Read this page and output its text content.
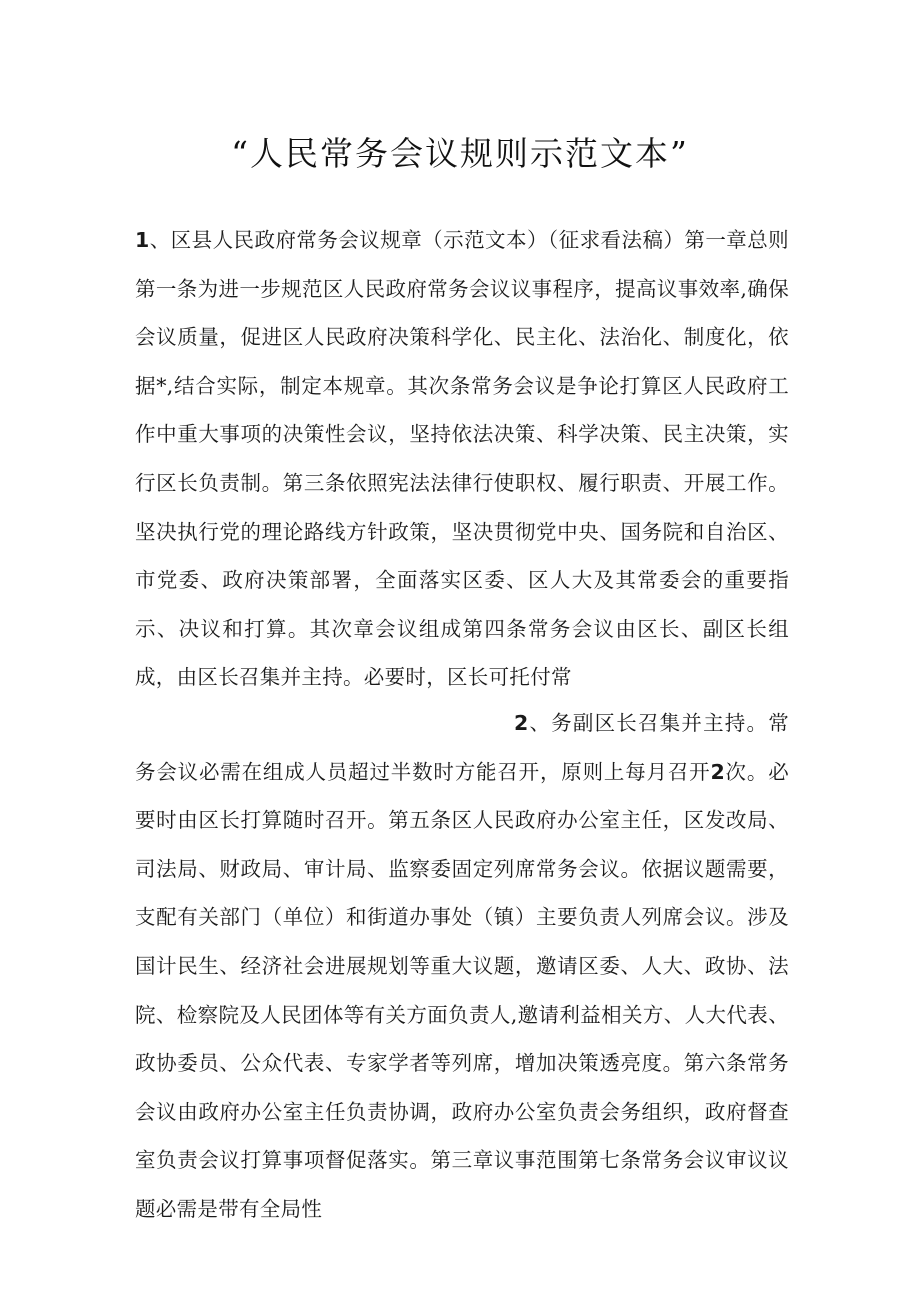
“人民常务会议规则示范文本”
1、区县人民政府常务会议规章（示范文本）（征求看法稿）第一章总则第一条为进一步规范区人民政府常务会议议事程序，提高议事效率,确保会议质量，促进区人民政府决策科学化、民主化、法治化、制度化，依据*,结合实际，制定本规章。其次条常务会议是争论打算区人民政府工作中重大事项的决策性会议，坚持依法决策、科学决策、民主决策，实行区长负责制。第三条依照宪法法律行使职权、履行职责、开展工作。坚决执行党的理论路线方针政策，坚决贯彻党中央、国务院和自治区、市党委、政府决策部署，全面落实区委、区人大及其常委会的重要指示、决议和打算。其次章会议组成第四条常务会议由区长、副区长组成，由区长召集并主持。必要时，区长可托付常
2、务副区长召集并主持。常务会议必需在组成人员超过半数时方能召开，原则上每月召开2次。必要时由区长打算随时召开。第五条区人民政府办公室主任，区发改局、司法局、财政局、审计局、监察委固定列席常务会议。依据议题需要，支配有关部门（单位）和街道办事处（镇）主要负责人列席会议。涉及国计民生、经济社会进展规划等重大议题，邀请区委、人大、政协、法院、检察院及人民团体等有关方面负责人,邀请利益相关方、人大代表、政协委员、公众代表、专家学者等列席，增加决策透亮度。第六条常务会议由政府办公室主任负责协调，政府办公室负责会务组织，政府督查室负责会议打算事项督促落实。第三章议事范围第七条常务会议审议议题必需是带有全局性
